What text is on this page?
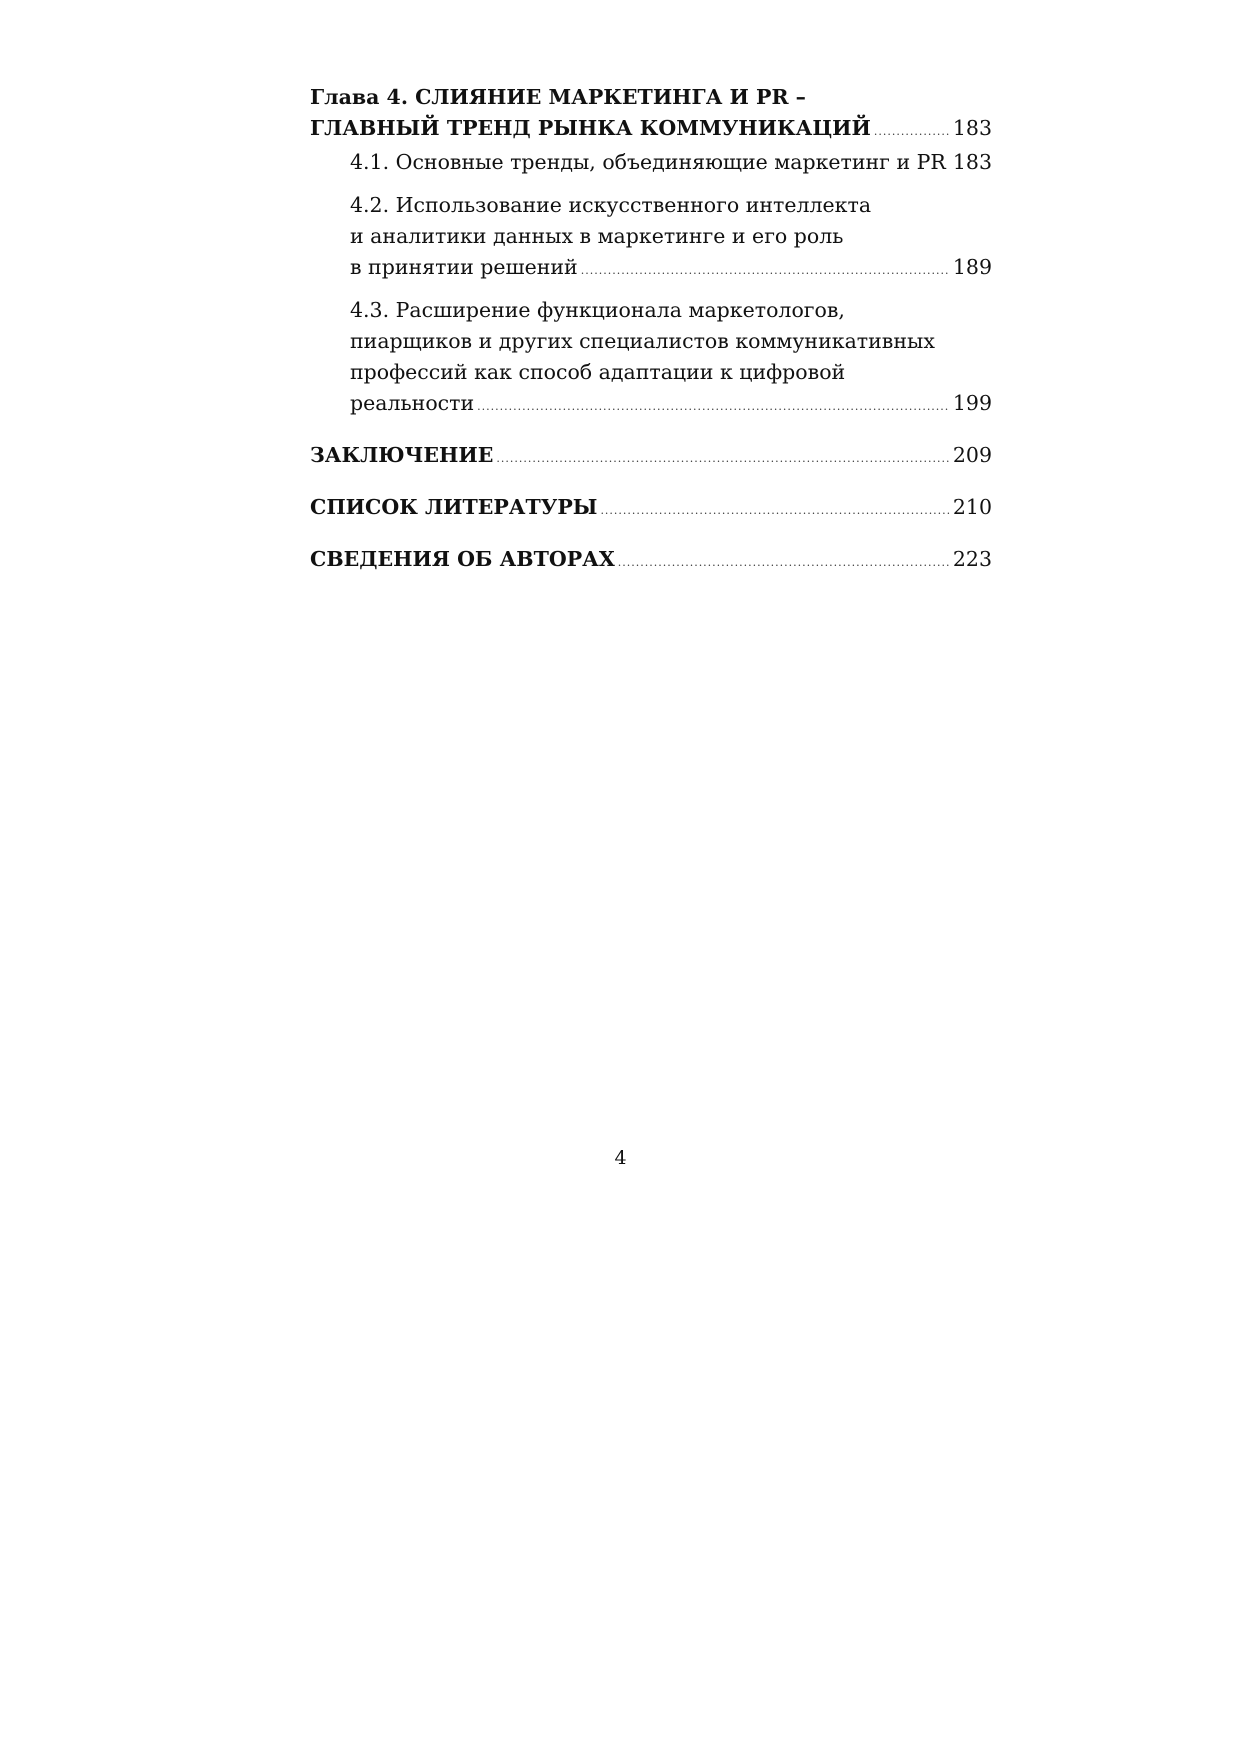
Глава 4. СЛИЯНИЕ МАРКЕТИНГА И PR –
ГЛАВНЫЙ ТРЕНД РЫНКА КОММУНИКАЦИЙ .....	183
4.1. Основные тренды, объединяющие маркетинг и PR ..... 183
4.2. Использование искусственного интеллекта
и аналитики данных в маркетинге и его роль
в принятии решений .....	189
4.3. Расширение функционала маркетологов,
пиарщиков и других специалистов коммуникативных
профессий как способ адаптации к цифровой
реальности .....	199
ЗАКЛЮЧЕНИЕ .....	209
СПИСОК ЛИТЕРАТУРЫ .....	210
СВЕДЕНИЯ ОБ АВТОРАХ .....	223
4
